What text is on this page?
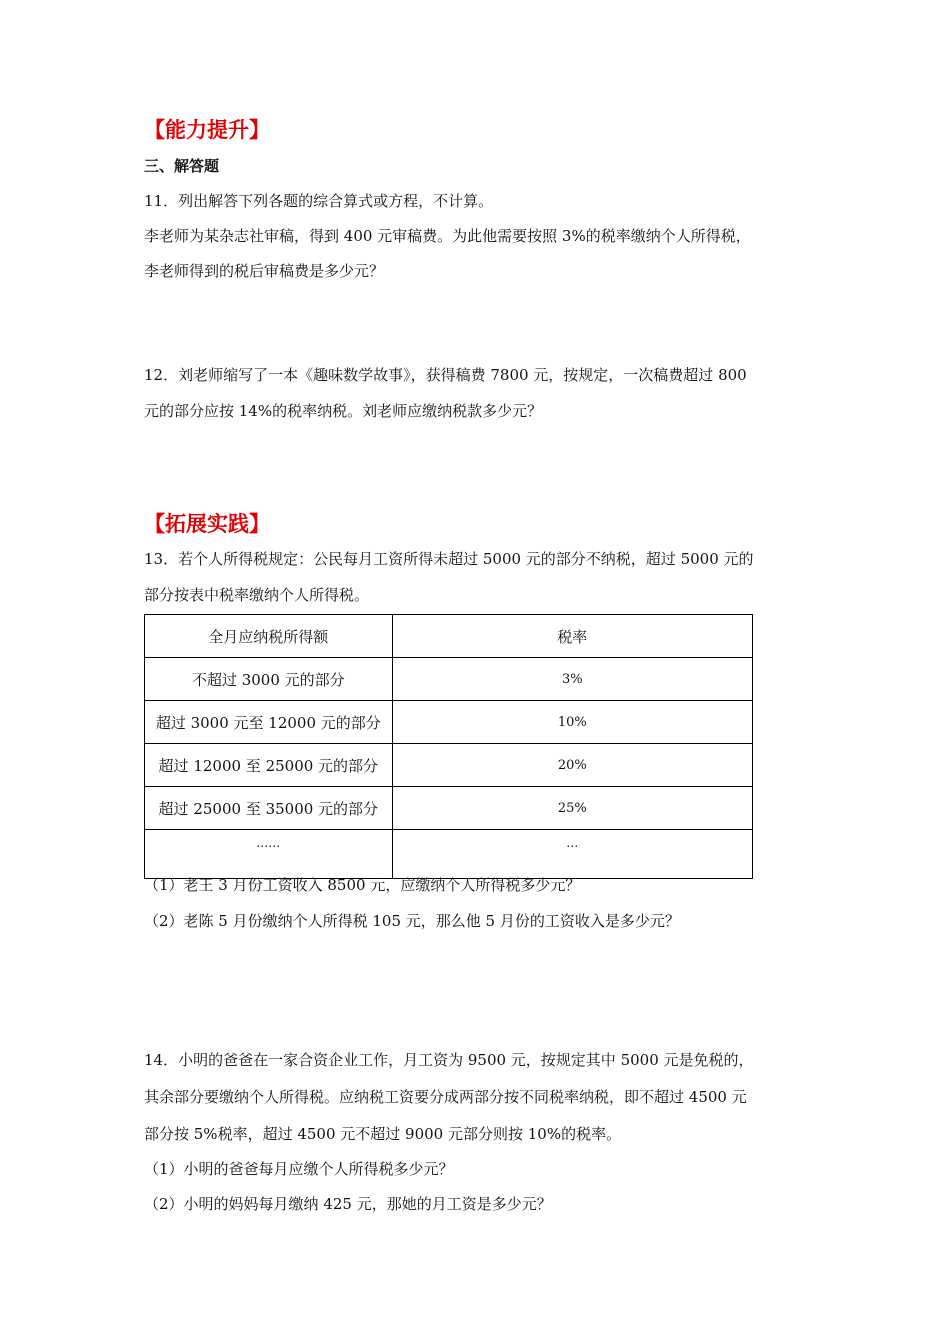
【能力提升】
三、解答题
11．列出解答下列各题的综合算式或方程，不计算。
李老师为某杂志社审稿，得到 400 元审稿费。为此他需要按照 3%的税率缴纳个人所得税，
李老师得到的税后审稿费是多少元？
12．刘老师缩写了一本《趣味数学故事》，获得稿费 7800 元，按规定，一次稿费超过 800
元的部分应按 14%的税率纳税。刘老师应缴纳税款多少元？
【拓展实践】
13．若个人所得税规定：公民每月工资所得未超过 5000 元的部分不纳税，超过 5000 元的
部分按表中税率缴纳个人所得税。
全月应纳税所得额	税率
不超过 3000 元的部分	3%
超过 3000 元至 12000 元的部分	10%
超过 12000 至 25000 元的部分	20%
超过 25000 至 35000 元的部分	25%
……	…
（1）老王 3 月份工资收入 8500 元，应缴纳个人所得税多少元？
（2）老陈 5 月份缴纳个人所得税 105 元，那么他 5 月份的工资收入是多少元？
14．小明的爸爸在一家合资企业工作，月工资为 9500 元，按规定其中 5000 元是免税的，
其余部分要缴纳个人所得税。应纳税工资要分成两部分按不同税率纳税，即不超过 4500 元
部分按 5%税率，超过 4500 元不超过 9000 元部分则按 10%的税率。
（1）小明的爸爸每月应缴个人所得税多少元？
（2）小明的妈妈每月缴纳 425 元，那她的月工资是多少元？
